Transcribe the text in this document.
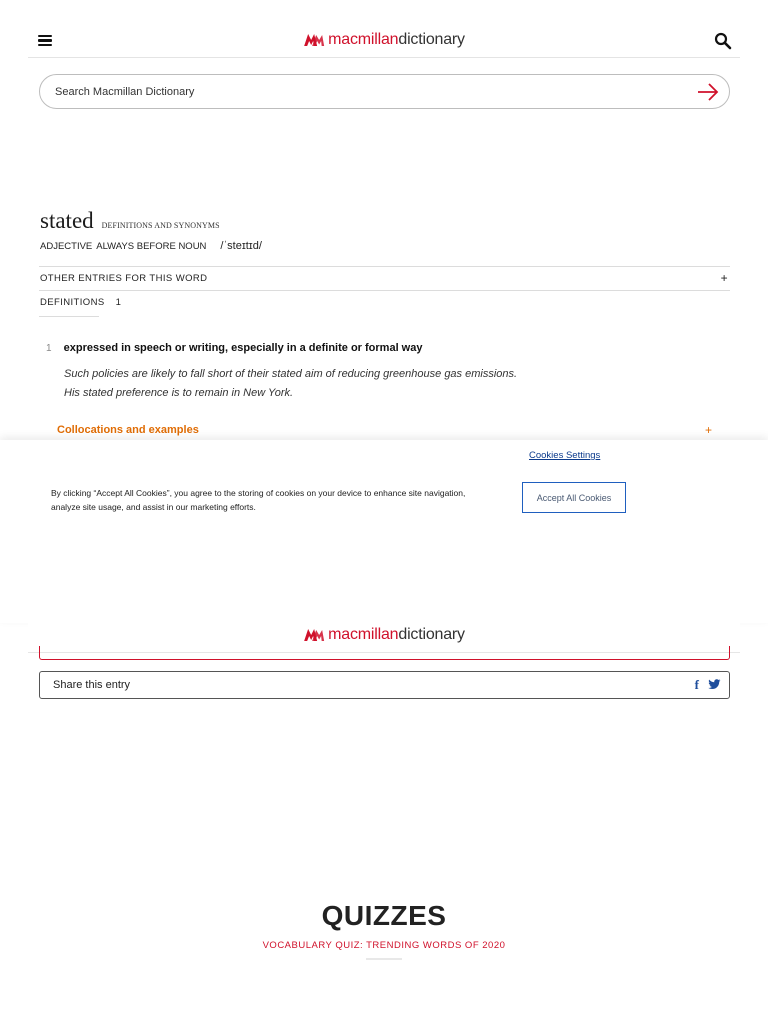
macmillan dictionary
Search Macmillan Dictionary
stated DEFINITIONS AND SYNONYMS
ADJECTIVE ALWAYS BEFORE NOUN /ˈsteɪtɪd/
OTHER ENTRIES FOR THIS WORD	+
DEFINITIONS 1
1 expressed in speech or writing, especially in a definite or formal way
Such policies are likely to fall short of their stated aim of reducing greenhouse gas emissions.
His stated preference is to remain in New York.
Collocations and examples	+
Cookies Settings

By clicking “Accept All Cookies”, you agree to the storing of cookies on your device to enhance site navigation, analyze site usage, and assist in our marketing efforts.

Accept All Cookies
macmillan dictionary
Share this entry	f
QUIZZES
VOCABULARY QUIZ: TRENDING WORDS OF 2020
